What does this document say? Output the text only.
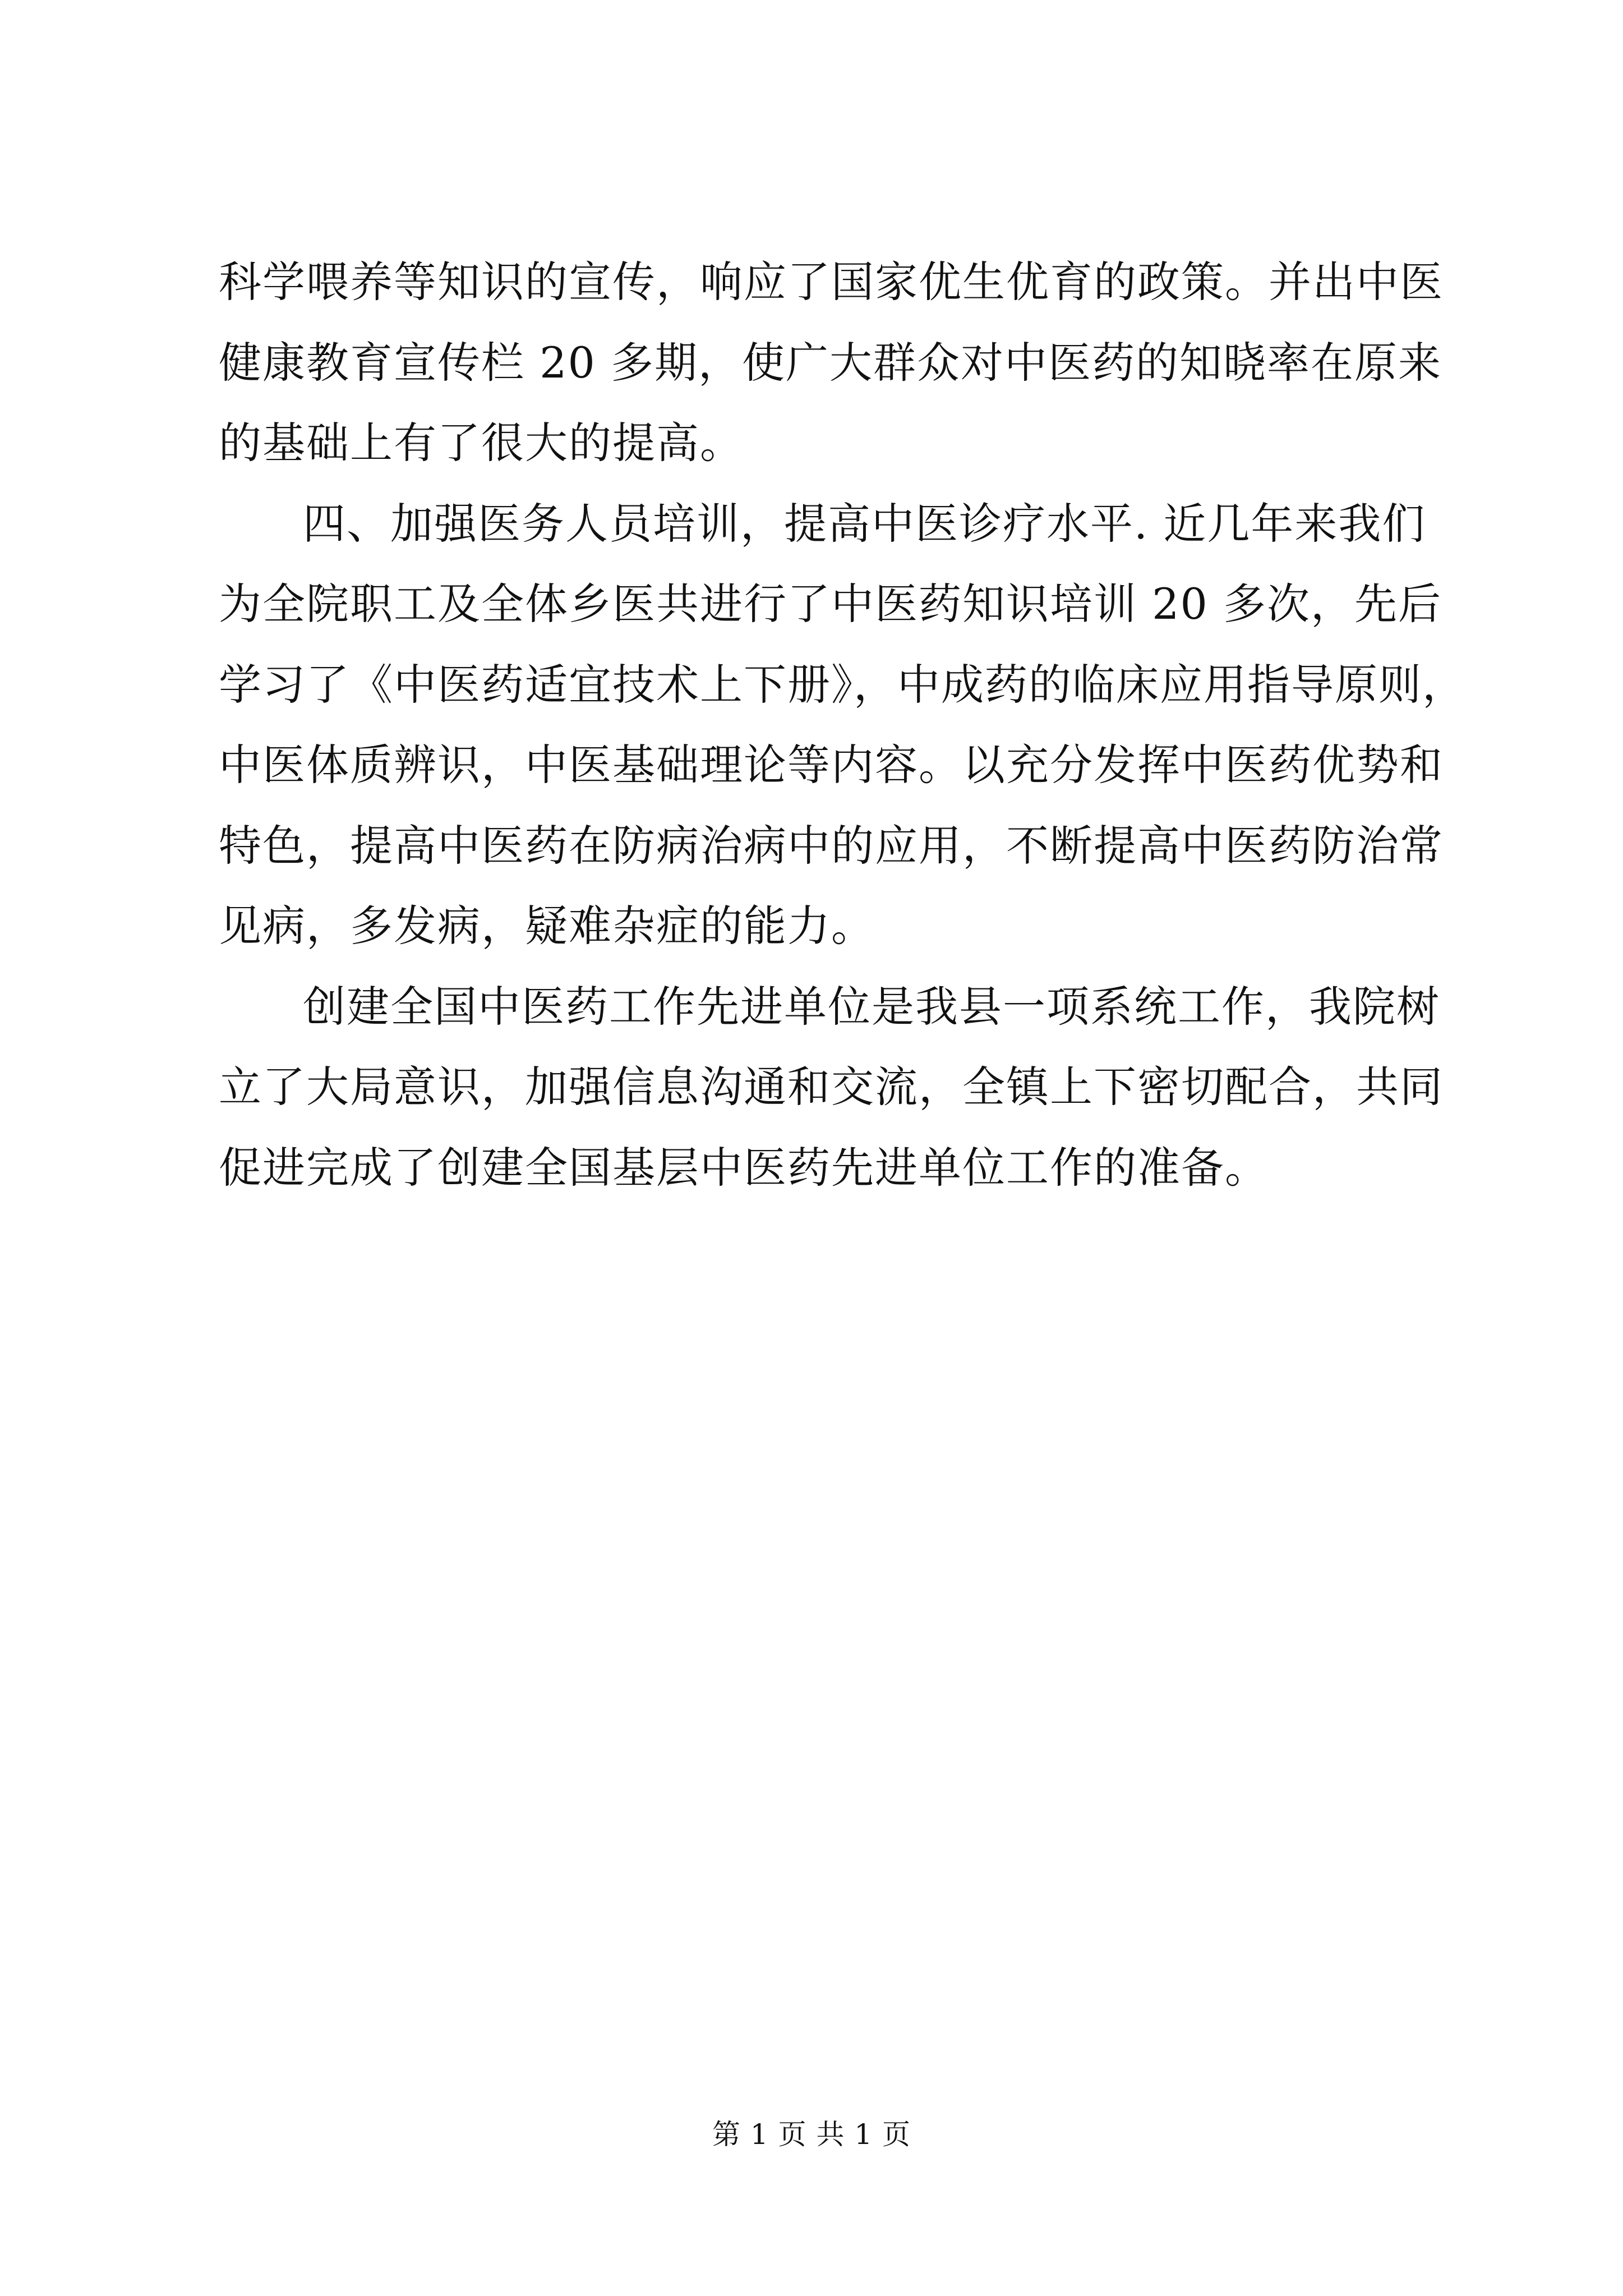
科学喂养等知识的宣传，响应了国家优生优育的政策。并出中医
健康教育宣传栏 20 多期，使广大群众对中医药的知晓率在原来
的基础上有了很大的提高。
四、加强医务人员培训，提高中医诊疗水平. 近几年来我们
为全院职工及全体乡医共进行了中医药知识培训 20 多次，先后
学习了《中医药适宜技术上下册》，中成药的临床应用指导原则，
中医体质辨识，中医基础理论等内容。以充分发挥中医药优势和
特色，提高中医药在防病治病中的应用，不断提高中医药防治常
见病，多发病，疑难杂症的能力。
创建全国中医药工作先进单位是我县一项系统工作，我院树
立了大局意识，加强信息沟通和交流，全镇上下密切配合，共同
促进完成了创建全国基层中医药先进单位工作的准备。
第 1 页 共 1 页
